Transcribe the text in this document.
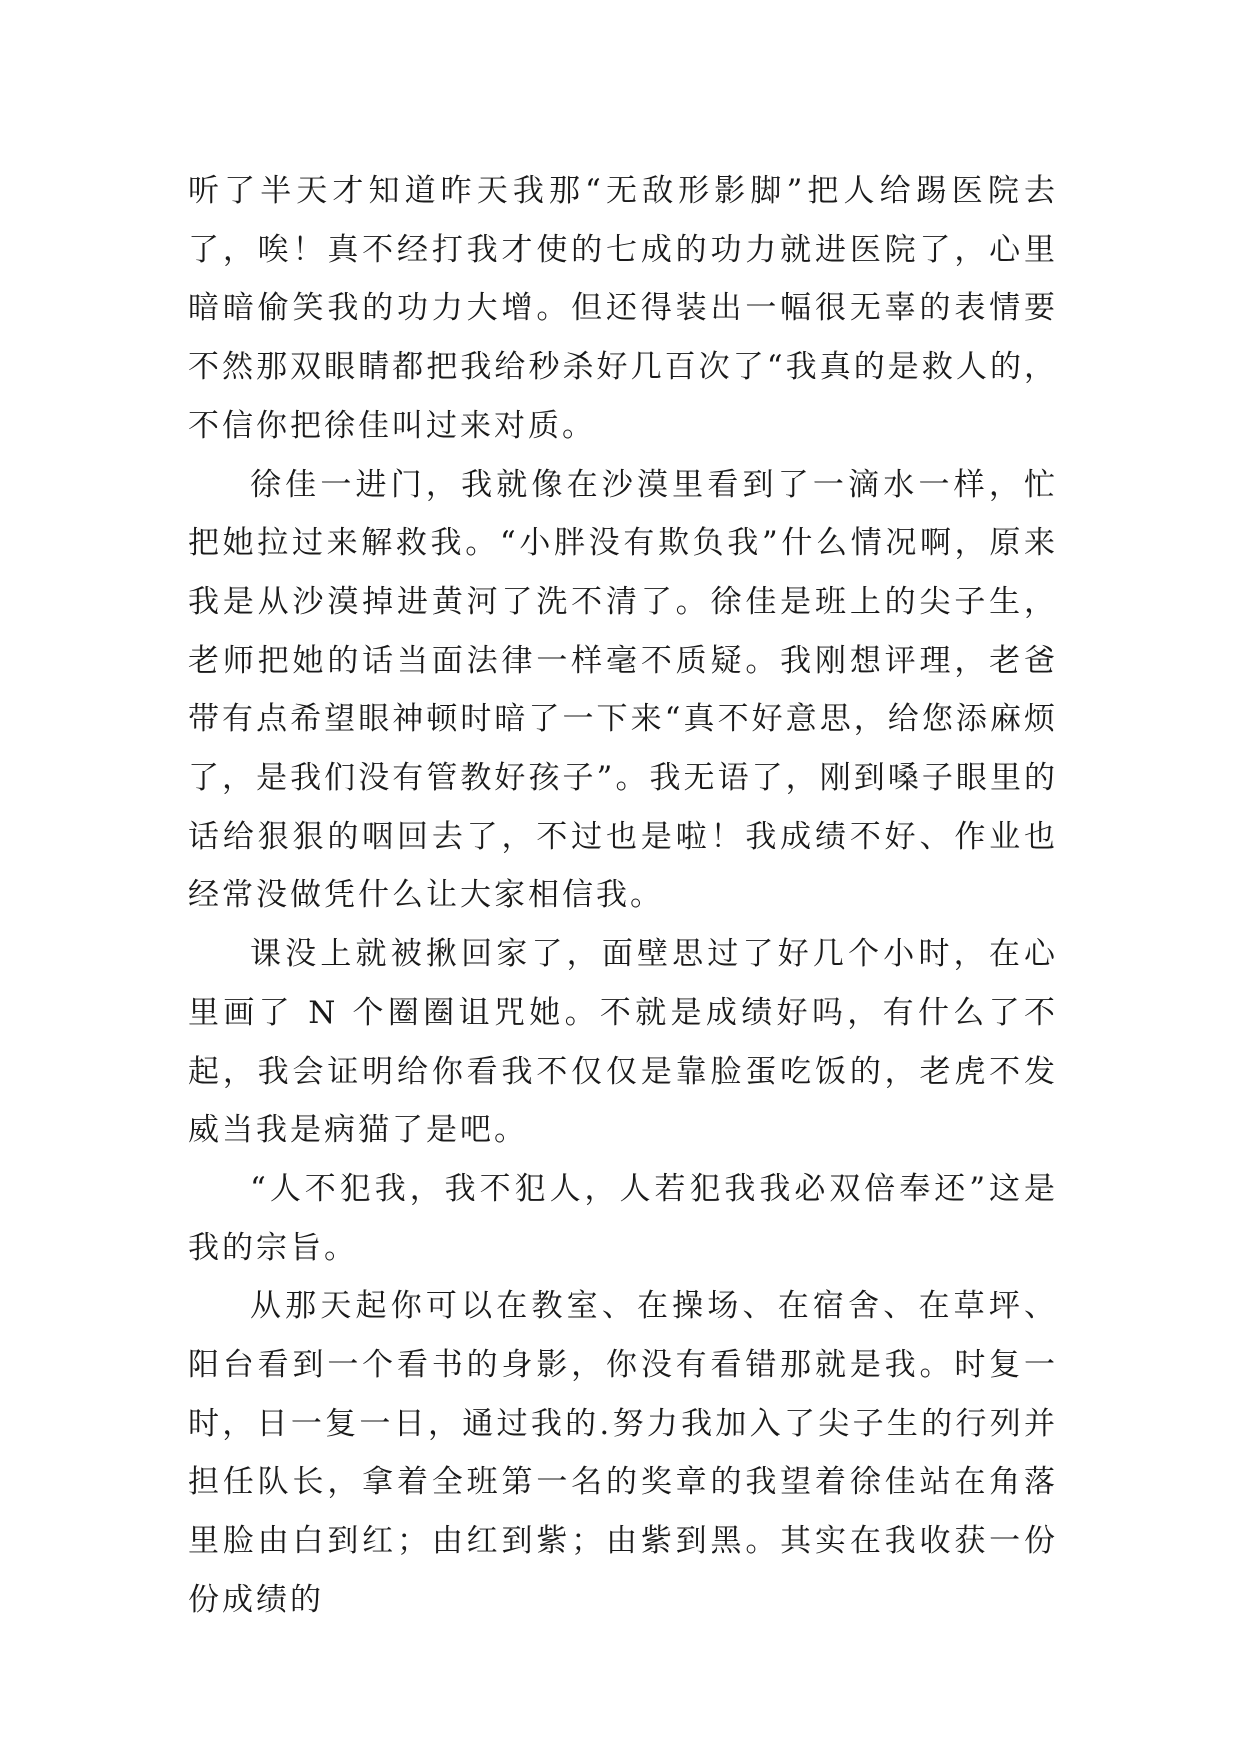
听了半天才知道昨天我那“无敌形影脚”把人给踢医院去了，唉！真不经打我才使的七成的功力就进医院了，心里暗暗偷笑我的功力大增。但还得装出一幅很无辜的表情要不然那双眼睛都把我给秒杀好几百次了“我真的是救人的，不信你把徐佳叫过来对质。

徐佳一进门，我就像在沙漠里看到了一滴水一样，忙把她拉过来解救我。“小胖没有欺负我”什么情况啊，原来我是从沙漠掉进黄河了洗不清了。徐佳是班上的尖子生，老师把她的话当面法律一样毫不质疑。我刚想评理，老爸带有点希望眼神顿时暗了一下来“真不好意思，给您添麻烦了，是我们没有管教好孩子”。我无语了，刚到嗓子眼里的话给狠狠的咽回去了，不过也是啦！我成绩不好、作业也经常没做凭什么让大家相信我。

课没上就被揪回家了，面壁思过了好几个小时，在心里画了 N 个圈圈诅咒她。不就是成绩好吗，有什么了不起，我会证明给你看我不仅仅是靠脸蛋吃饭的，老虎不发威当我是病猫了是吧。

“人不犯我，我不犯人，人若犯我我必双倍奉还”这是我的宗旨。

从那天起你可以在教室、在操场、在宿舍、在草坪、阳台看到一个看书的身影，你没有看错那就是我。时复一时，日一复一日，通过我的.努力我加入了尖子生的行列并担任队长，拿着全班第一名的奖章的我望着徐佳站在角落里脸由白到红；由红到紫；由紫到黑。其实在我收获一份份成绩的
